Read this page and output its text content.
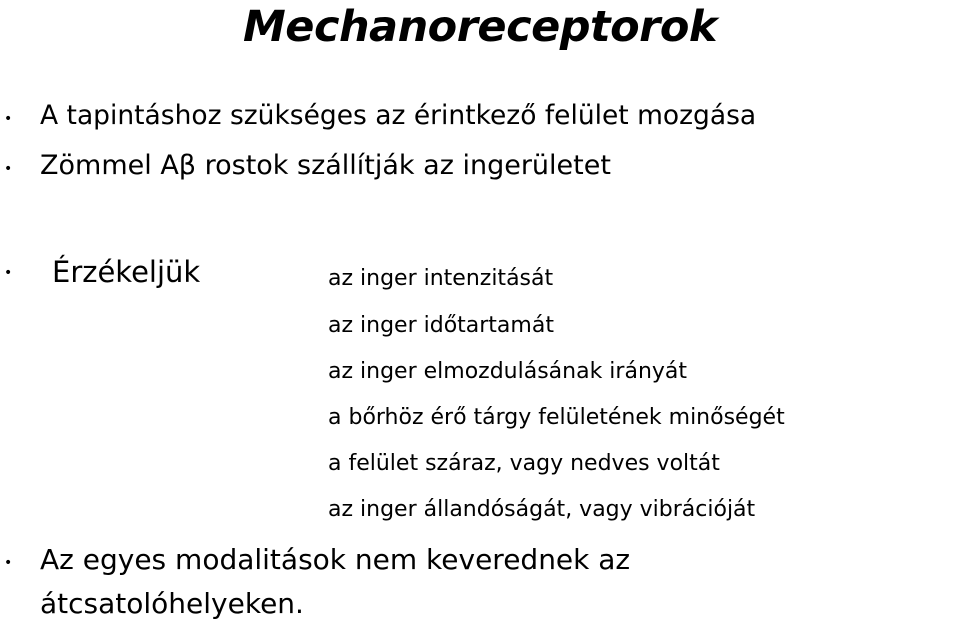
Mechanoreceptorok
• A tapintáshoz szükséges az érintkező felület mozgása
• Zömmel Aβ rostok szállítják az ingerületet
• Érzékeljük	az inger intenzitását
az inger időtartamát
az inger elmozdulásának irányát
a bőrhöz érő tárgy felületének minőségét
a felület száraz, vagy nedves voltát
az inger állandóságát, vagy vibrációját
• Az egyes modalitások nem keverednek az
átcsatolóhelyeken.
